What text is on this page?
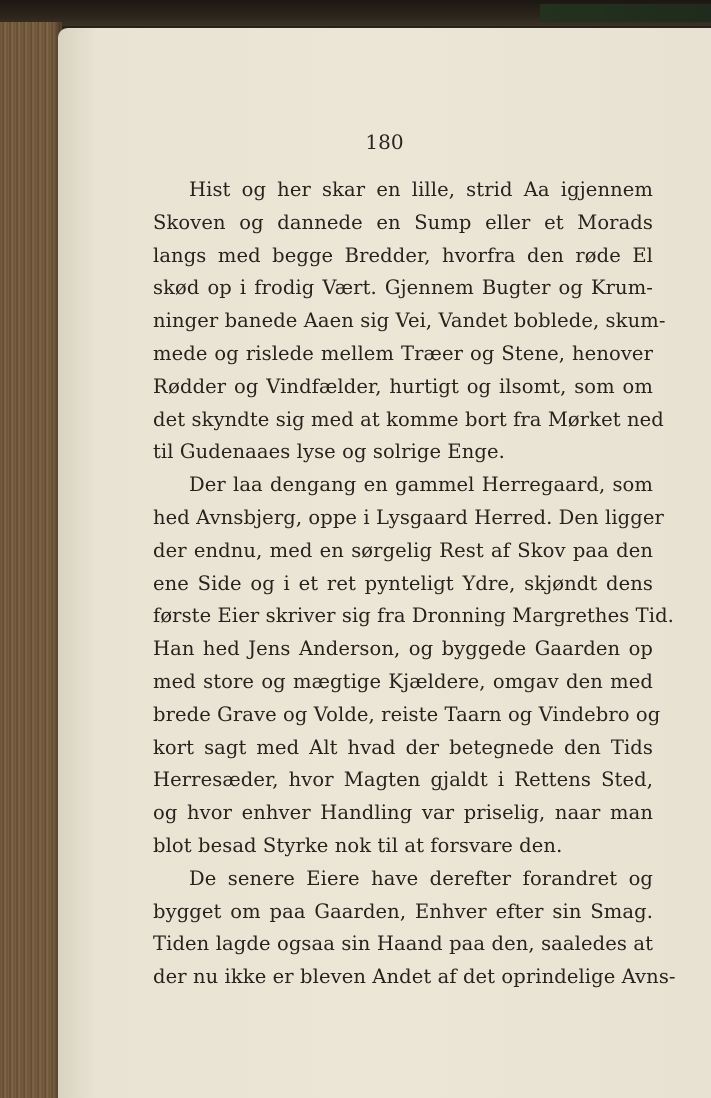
180
Hist og her skar en lille, strid Aa igjennem
Skoven og dannede en Sump eller et Morads
langs med begge Bredder, hvorfra den røde El
skød op i frodig Vært. Gjennem Bugter og Krum-
ninger banede Aaen sig Vei, Vandet boblede, skum-
mede og rislede mellem Træer og Stene, henover
Rødder og Vindfælder, hurtigt og ilsomt, som om
det skyndte sig med at komme bort fra Mørket ned
til Gudenaaes lyse og solrige Enge.
Der laa dengang en gammel Herregaard, som
hed Avnsbjerg, oppe i Lysgaard Herred. Den ligger
der endnu, med en sørgelig Rest af Skov paa den
ene Side og i et ret pynteligt Ydre, skjøndt dens
første Eier skriver sig fra Dronning Margrethes Tid.
Han hed Jens Anderson, og byggede Gaarden op
med store og mægtige Kjældere, omgav den med
brede Grave og Volde, reiste Taarn og Vindebro og
kort sagt med Alt hvad der betegnede den Tids
Herresæder, hvor Magten gjaldt i Rettens Sted,
og hvor enhver Handling var priselig, naar man
blot besad Styrke nok til at forsvare den.
De senere Eiere have derefter forandret og
bygget om paa Gaarden, Enhver efter sin Smag.
Tiden lagde ogsaa sin Haand paa den, saaledes at
der nu ikke er bleven Andet af det oprindelige Avns-
